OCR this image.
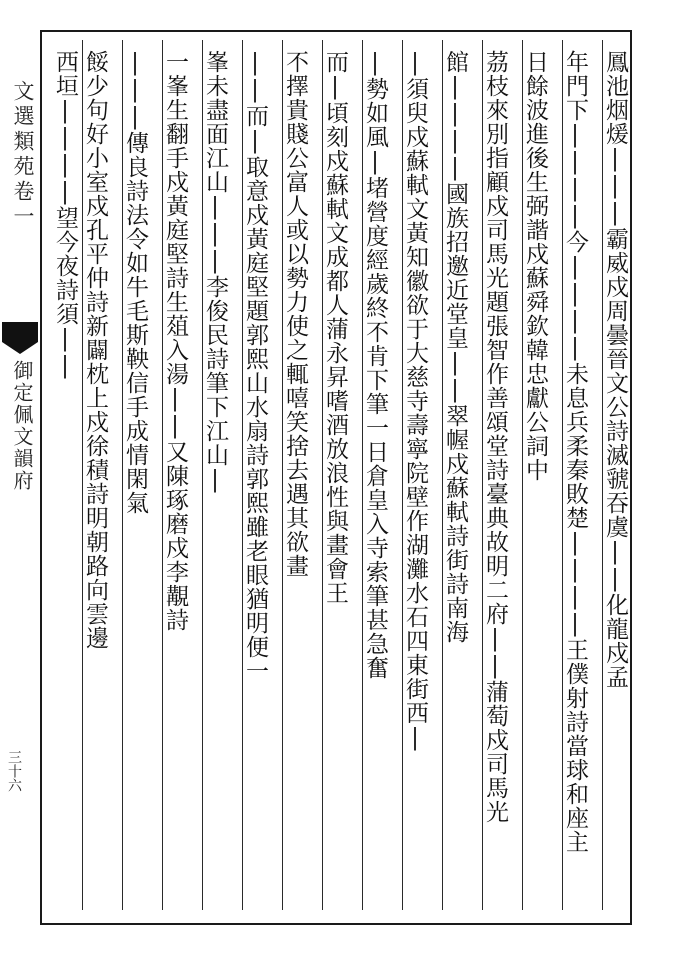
文選類苑卷一
御定佩文韻府
三十六
鳳池烟煖|||霸威戍周曇晉文公詩滅虢吞虞||化龍戍孟
年門下||||今||||未息兵柔秦敗楚||||王僕射詩當球和座主
日餘波進後生弼諧戍蘇舜欽韓忠獻公詞中
茘枝來別指顧戍司馬光題張智作善頌堂詩臺典故明二府||蒲萄戍司馬光
館||||國族招邀近堂皇||翠幄戍蘇軾詩街詩南海
|須臾戍蘇軾文黃知徽欲于大慈寺壽寧院壁作湖灘水石四東街西|
|勢如風|堵營度經歲終不肯下筆一日倉皇入寺索筆甚急奮
而|頃刻戍蘇軾文成都人蒲永昇嗜酒放浪性與畫會王
不擇貴賤公富人或以勢力使之輒嘻笑捨去遇其欲畫
||而|取意戍黃庭堅題郭熙山水扇詩郭熙雖老眼猶明便一
峯未盡面江山|||李俊民詩筆下江山|
一峯生翻手戍黃庭堅詩生葅入湯||又陳琢磨戍李覯詩
|||傳良詩法令如牛毛斯鞅信手成情閑氣
餒少句好小室戍孔平仲詩新闢枕上戍徐積詩明朝路向雲邊
西垣||||望今夜詩須||
